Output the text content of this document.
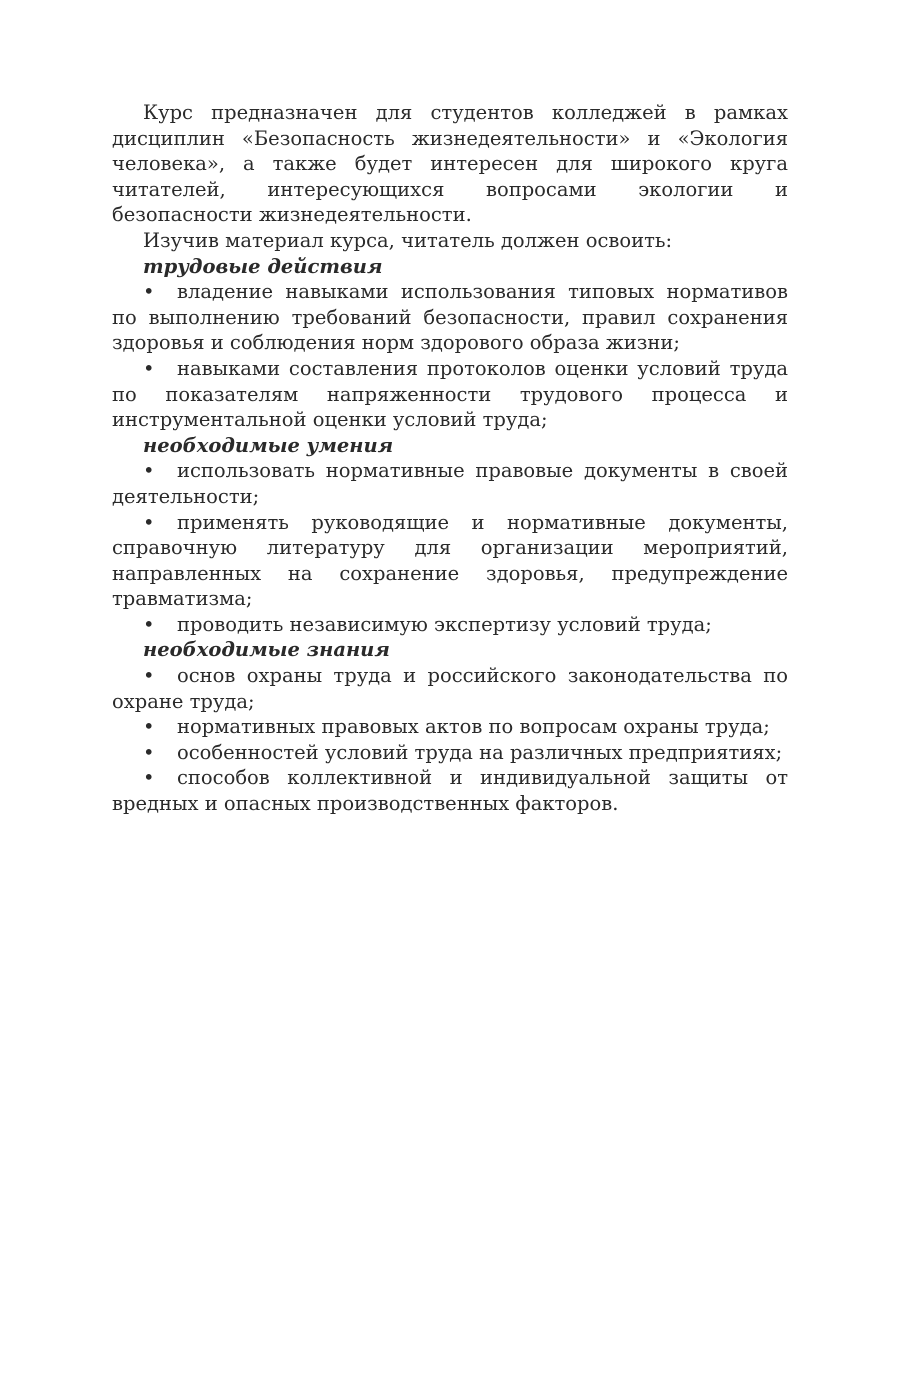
Курс предназначен для студентов колледжей в рамках дисциплин «Безопасность жизнедеятельности» и «Экология человека», а также будет интересен для широкого круга читателей, интересующихся вопросами экологии и безопасности жизнедеятельности.

Изучив материал курса, читатель должен освоить:

трудовые действия

• владение навыками использования типовых нормативов по выполнению требований безопасности, правил сохранения здоровья и соблюдения норм здорового образа жизни;

• навыками составления протоколов оценки условий труда по показателям напряженности трудового процесса и инструментальной оценки условий труда;

необходимые умения

• использовать нормативные правовые документы в своей деятельности;

• применять руководящие и нормативные документы, справочную литературу для организации мероприятий, направленных на сохранение здоровья, предупреждение травматизма;

• проводить независимую экспертизу условий труда;

необходимые знания

• основ охраны труда и российского законодательства по охране труда;

• нормативных правовых актов по вопросам охраны труда;

• особенностей условий труда на различных предприятиях;

• способов коллективной и индивидуальной защиты от вредных и опасных производственных факторов.
